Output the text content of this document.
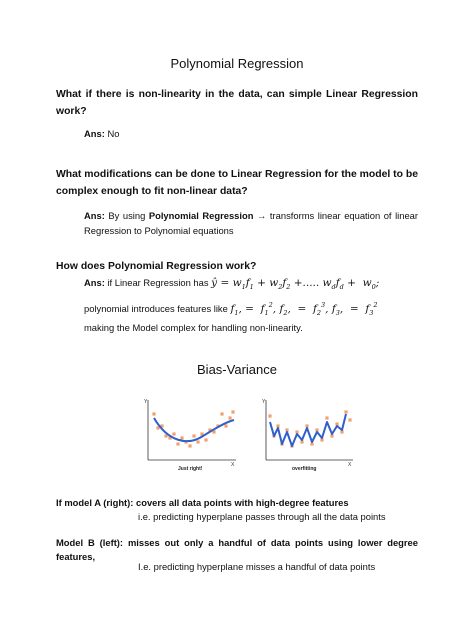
Polynomial Regression
What if there is non-linearity in the data, can simple Linear Regression work?
Ans: No
What modifications can be done to Linear Regression for the model to be complex enough to fit non-linear data?
Ans: By using Polynomial Regression → transforms linear equation of linear Regression to Polynomial equations
How does Polynomial Regression work?
Ans: if Linear Regression has ŷ = $w_1f_1 + w_2f_2$ +..... $w_df_d + w_0$;
polynomial introduces features like $f_1$, =  $f_1^2$, $f_2$,  =  $f_2^3$, $f_3$,  =  $f_3^2$
making the Model complex for handling non-linearity.
Bias-Variance
Y
X
Just right!
Y
X
overfitting
If model A (right): covers all data points with high-degree features
i.e. predicting hyperplane passes through all the data points
Model B (left): misses out only a handful of data points using lower degree features,
I.e. predicting hyperplane misses a handful of data points
